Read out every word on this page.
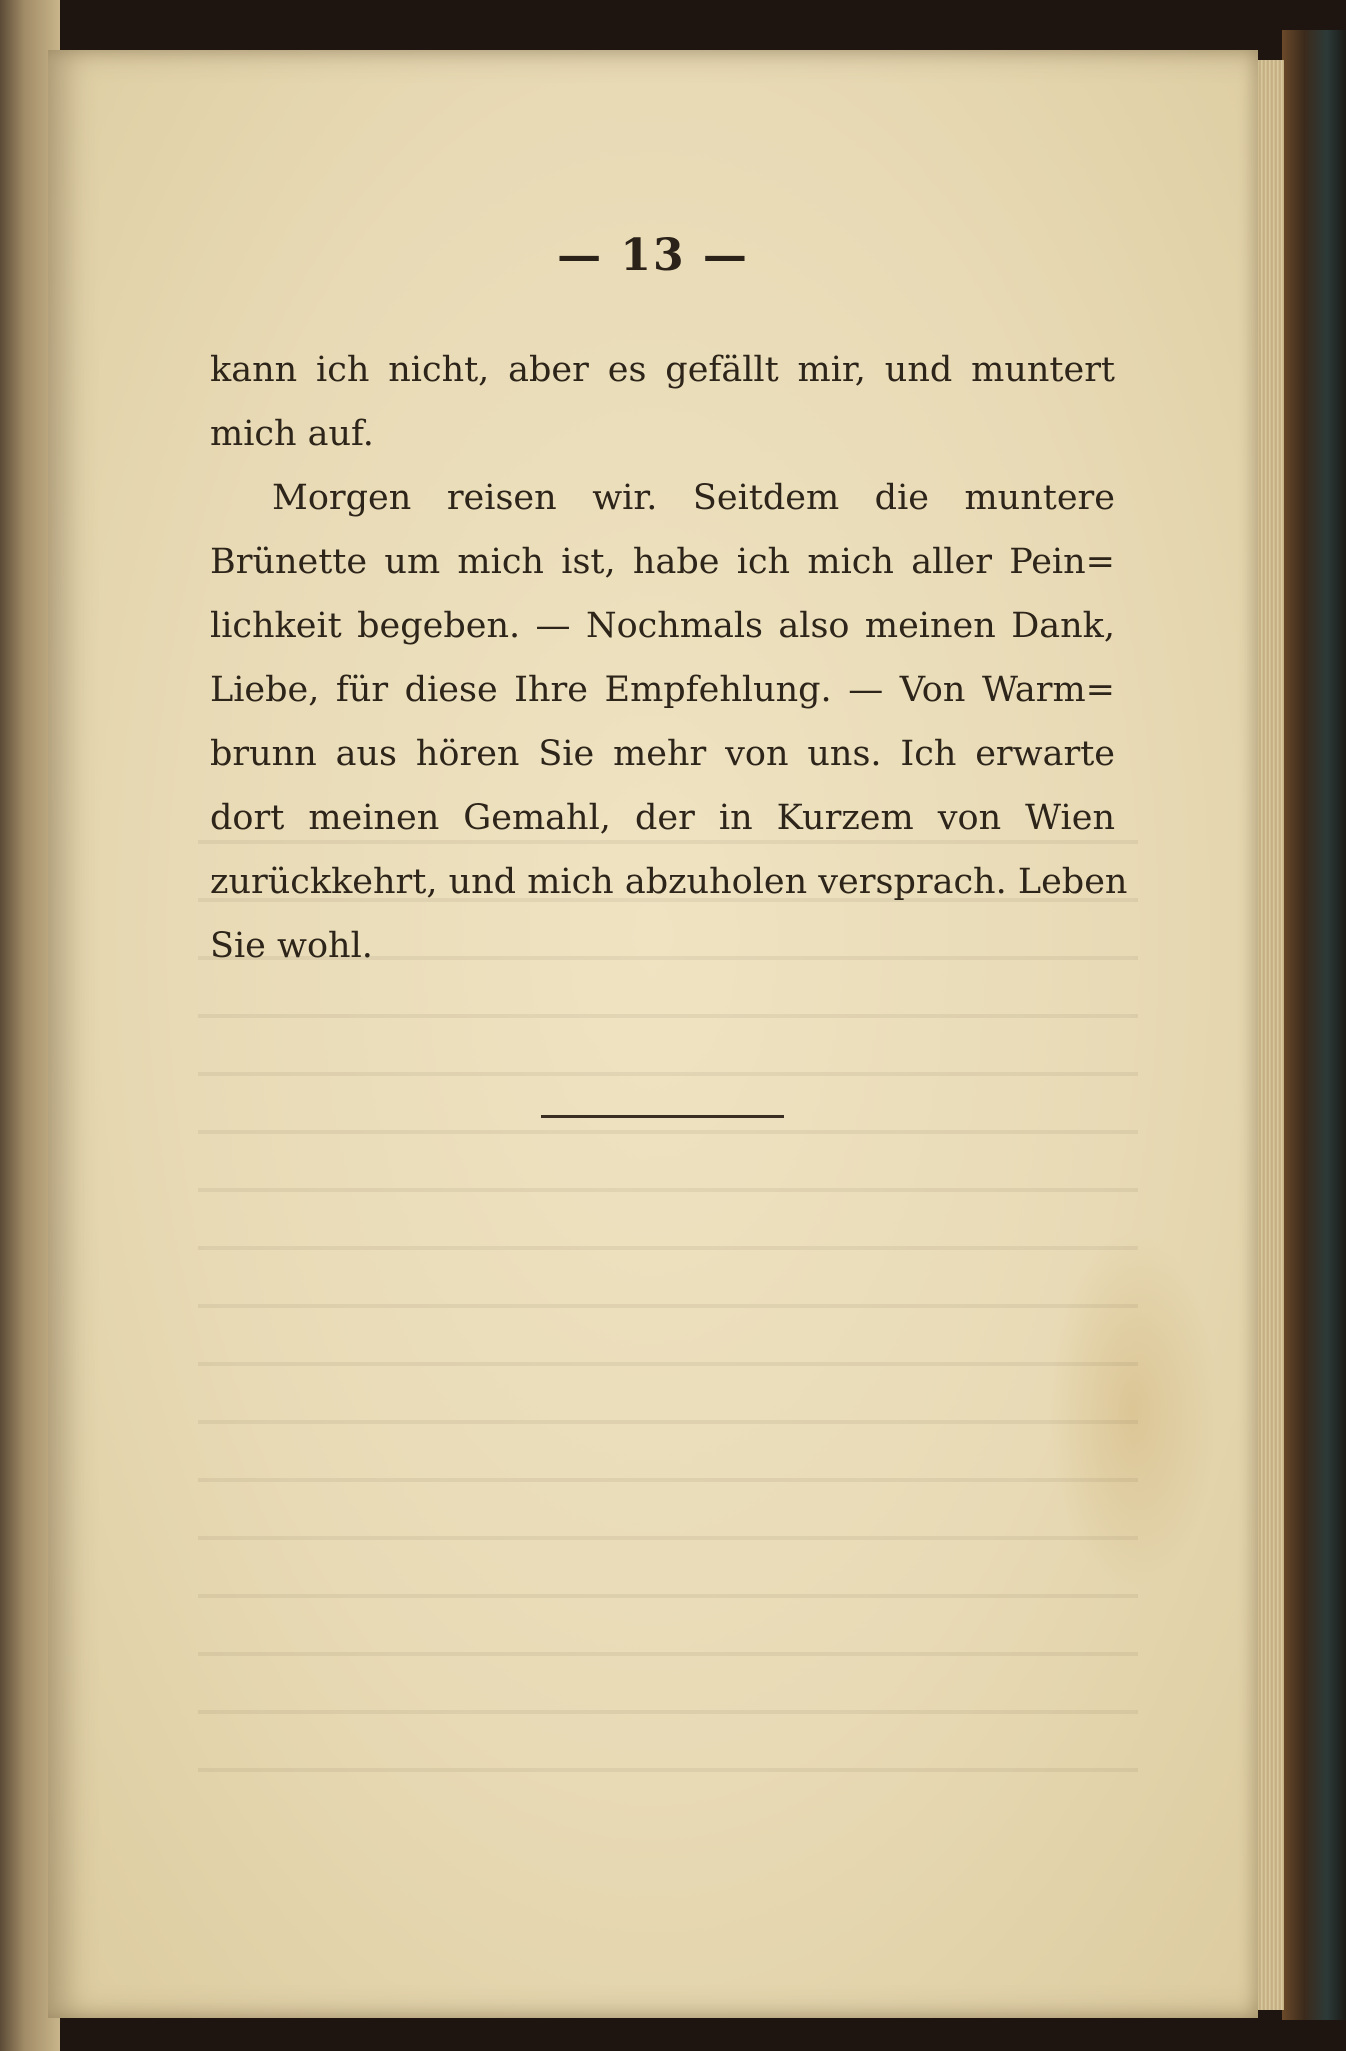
— 13 —
kann ich nicht, aber es gefällt mir, und muntert
mich auf.
Morgen reisen wir. Seitdem die muntere
Brünette um mich ist, habe ich mich aller Pein=
lichkeit begeben. — Nochmals also meinen Dank,
Liebe, für diese Ihre Empfehlung. — Von Warm=
brunn aus hören Sie mehr von uns. Ich erwarte
dort meinen Gemahl, der in Kurzem von Wien
zurückkehrt, und mich abzuholen versprach. Leben
Sie wohl.
